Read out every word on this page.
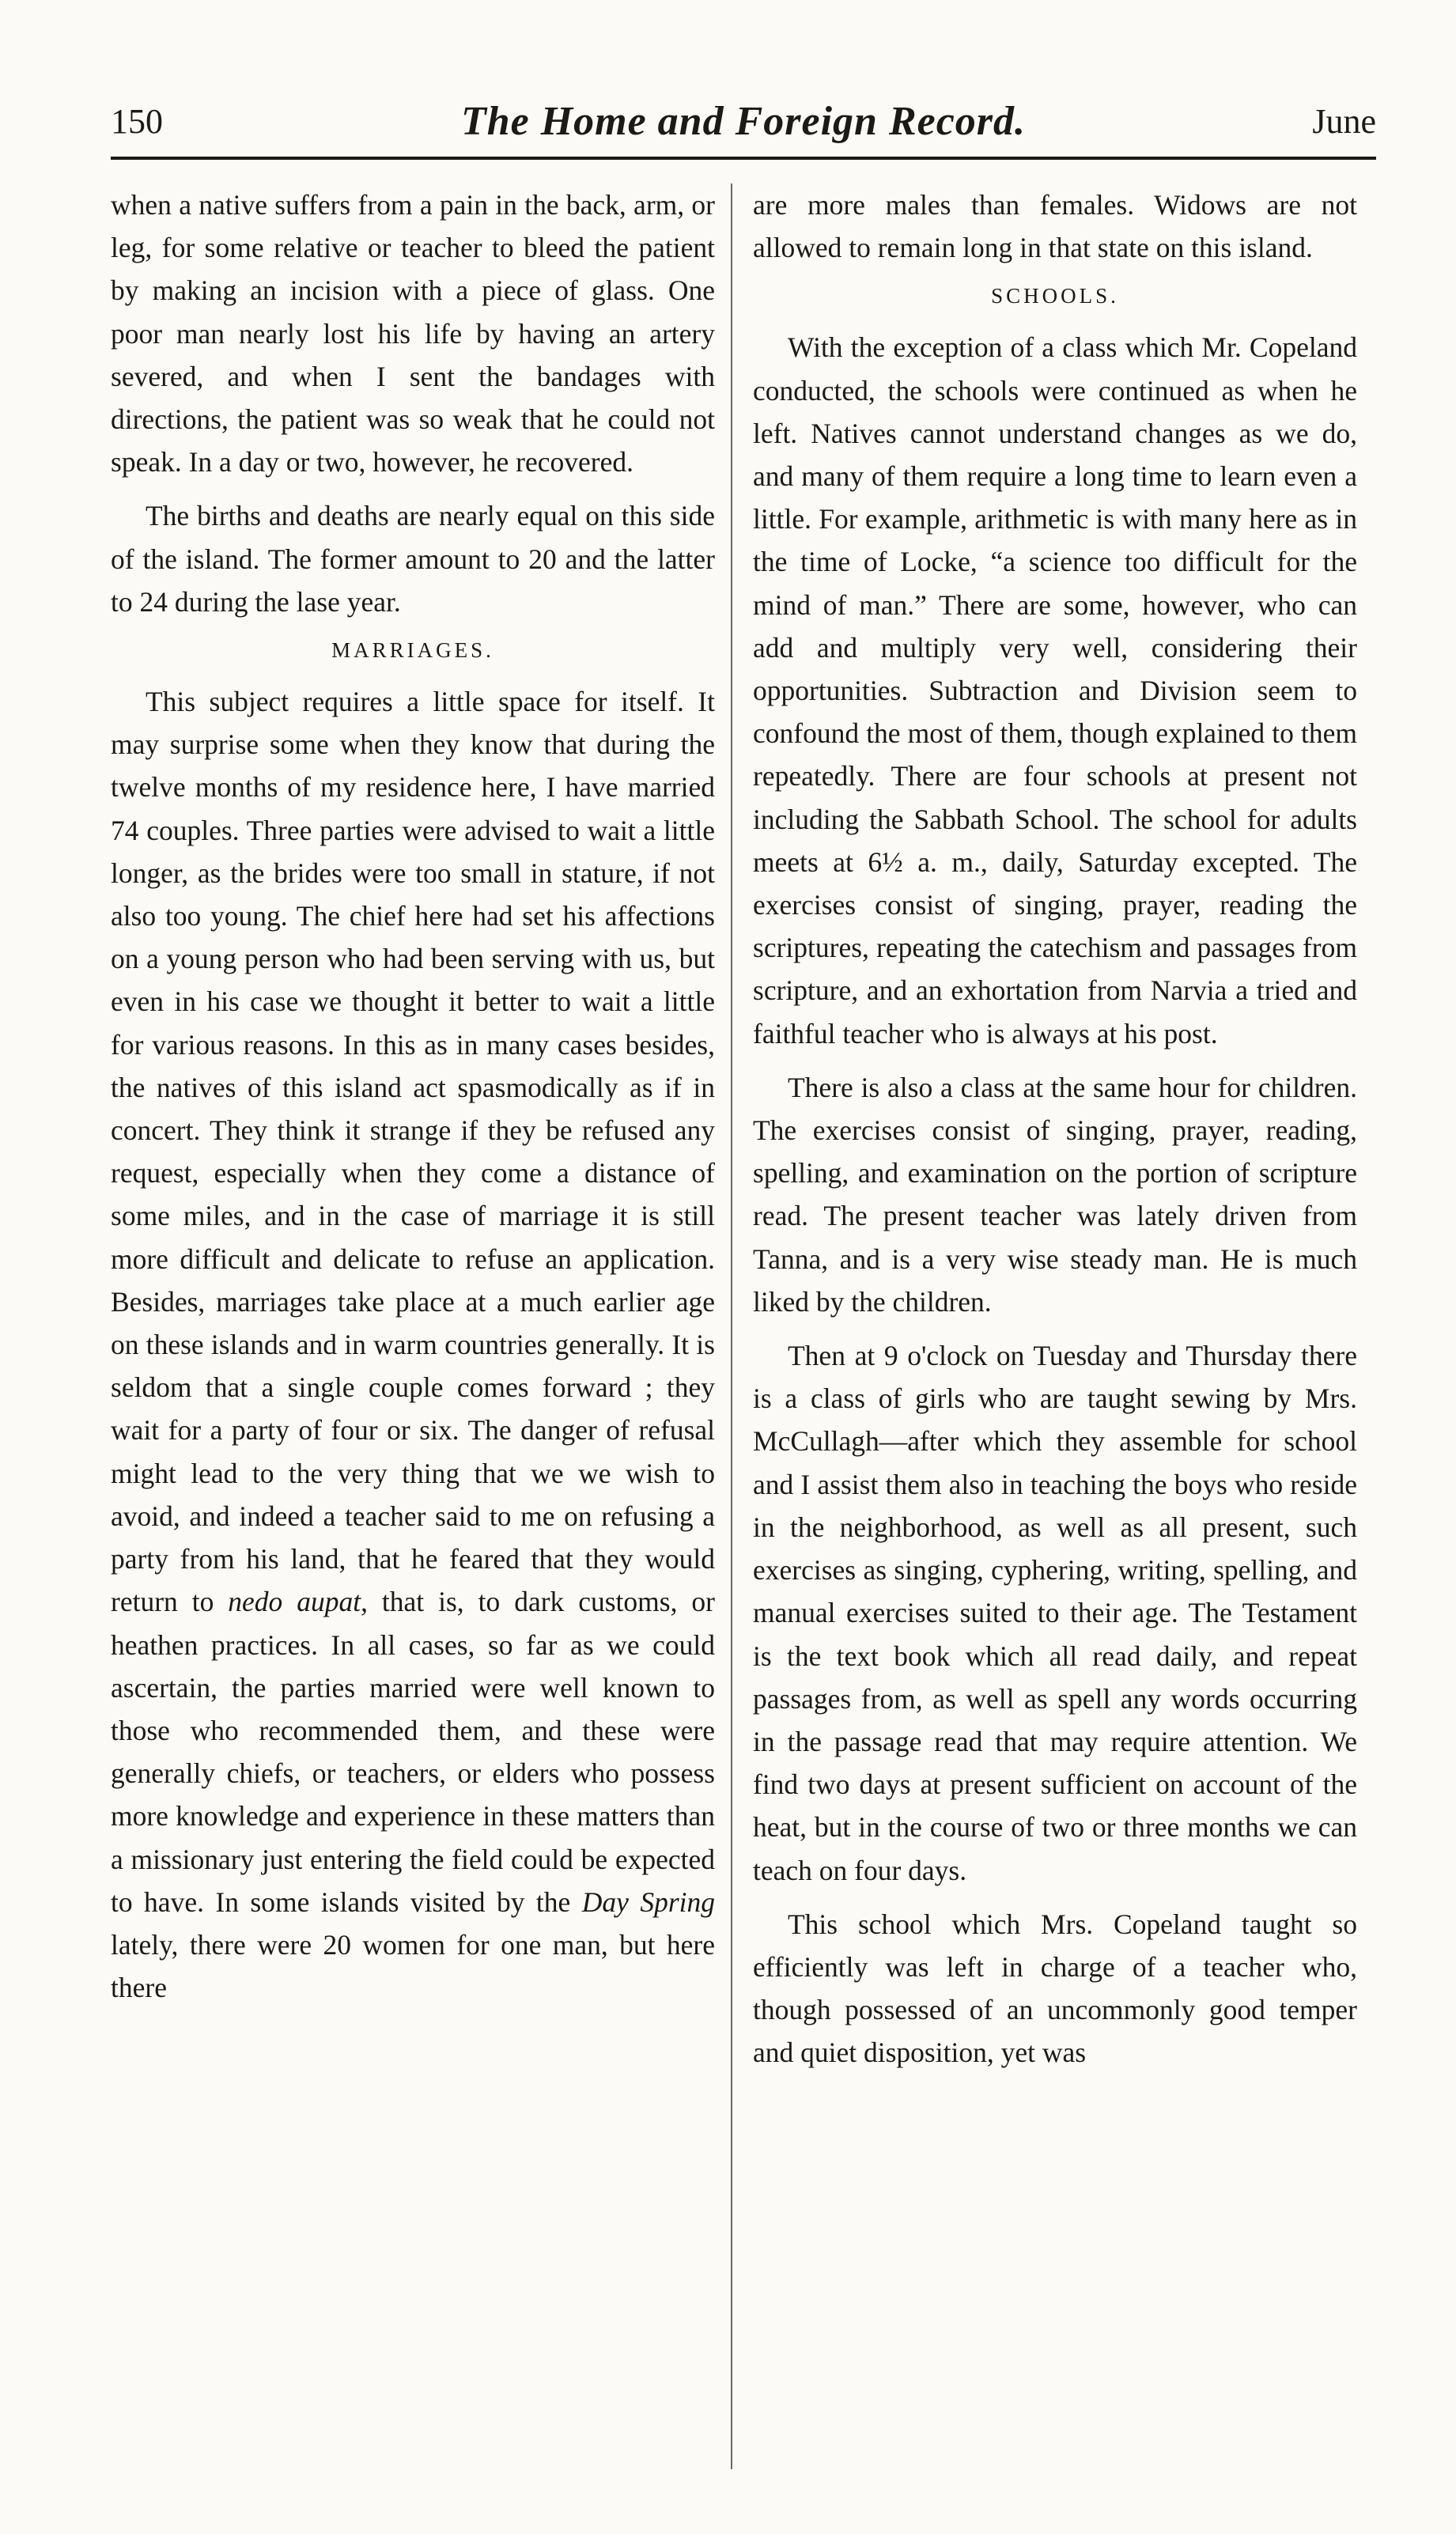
150	The Home and Foreign Record.	June

when a native suffers from a pain in the back, arm, or leg, for some relative or teacher to bleed the patient by making an incision with a piece of glass. One poor man nearly lost his life by having an artery severed, and when I sent the bandages with directions, the patient was so weak that he could not speak. In a day or two, however, he recovered.

The births and deaths are nearly equal on this side of the island. The former amount to 20 and the latter to 24 during the lase year.

MARRIAGES.

This subject requires a little space for itself. It may surprise some when they know that during the twelve months of my residence here, I have married 74 couples. Three parties were advised to wait a little longer, as the brides were too small in stature, if not also too young. The chief here had set his affections on a young person who had been serving with us, but even in his case we thought it better to wait a little for various reasons. In this as in many cases besides, the natives of this island act spasmodically as if in concert. They think it strange if they be refused any request, especially when they come a distance of some miles, and in the case of marriage it is still more difficult and delicate to refuse an application. Besides, marriages take place at a much earlier age on these islands and in warm countries generally. It is seldom that a single couple comes forward ; they wait for a party of four or six. The danger of refusal might lead to the very thing that we we wish to avoid, and indeed a teacher said to me on refusing a party from his land, that he feared that they would return to nedo aupat, that is, to dark customs, or heathen practices. In all cases, so far as we could ascertain, the parties married were well known to those who recommended them, and these were generally chiefs, or teachers, or elders who possess more knowledge and experience in these matters than a missionary just entering the field could be expected to have. In some islands visited by the Day Spring lately, there were 20 women for one man, but here there

are more males than females. Widows are not allowed to remain long in that state on this island.

SCHOOLS.

With the exception of a class which Mr. Copeland conducted, the schools were continued as when he left. Natives cannot understand changes as we do, and many of them require a long time to learn even a little. For example, arithmetic is with many here as in the time of Locke, “a science too difficult for the mind of man.” There are some, however, who can add and multiply very well, considering their opportunities. Subtraction and Division seem to confound the most of them, though explained to them repeatedly. There are four schools at present not including the Sabbath School. The school for adults meets at 6½ a. m., daily, Saturday excepted. The exercises consist of singing, prayer, reading the scriptures, repeating the catechism and passages from scripture, and an exhortation from Narvia a tried and faithful teacher who is always at his post.

There is also a class at the same hour for children. The exercises consist of singing, prayer, reading, spelling, and examination on the portion of scripture read. The present teacher was lately driven from Tanna, and is a very wise steady man. He is much liked by the children.

Then at 9 o'clock on Tuesday and Thursday there is a class of girls who are taught sewing by Mrs. McCullagh—after which they assemble for school and I assist them also in teaching the boys who reside in the neighborhood, as well as all present, such exercises as singing, cyphering, writing, spelling, and manual exercises suited to their age. The Testament is the text book which all read daily, and repeat passages from, as well as spell any words occurring in the passage read that may require attention. We find two days at present sufficient on account of the heat, but in the course of two or three months we can teach on four days.

This school which Mrs. Copeland taught so efficiently was left in charge of a teacher who, though possessed of an uncommonly good temper and quiet disposition, yet was
